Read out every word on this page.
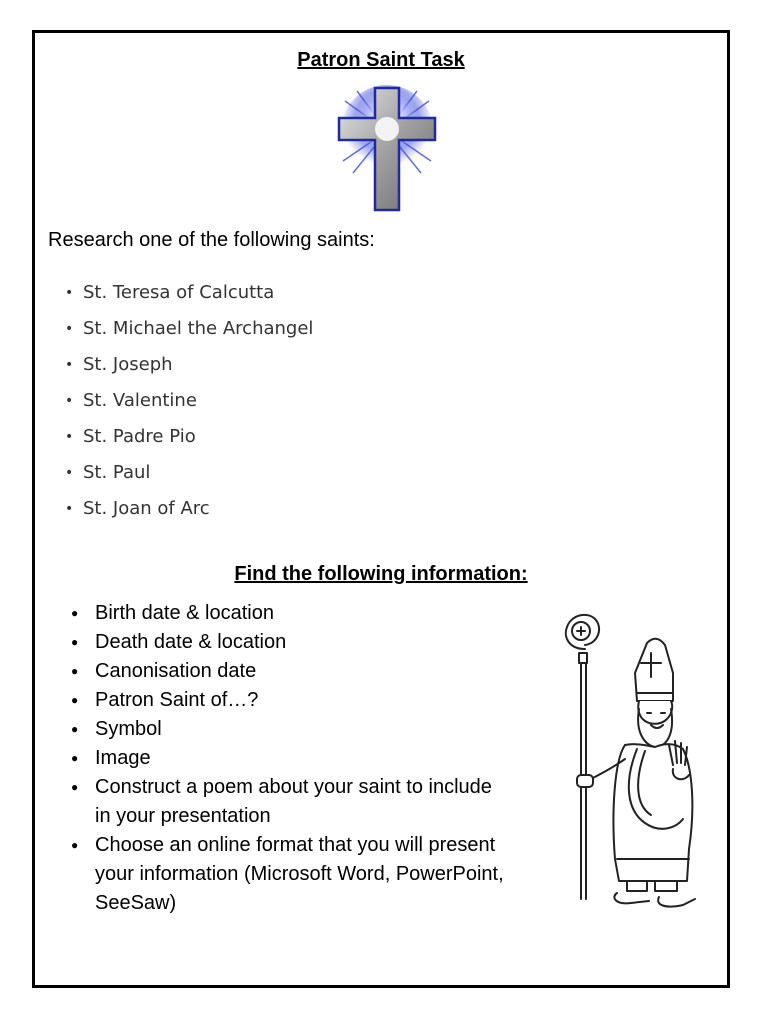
Patron Saint Task
Research one of the following saints:
• St. Teresa of Calcutta
• St. Michael the Archangel
• St. Joseph
• St. Valentine
• St. Padre Pio
• St. Paul
• St. Joan of Arc
Find the following information:
● Birth date & location
● Death date & location
● Canonisation date
● Patron Saint of…?
● Symbol
● Image
● Construct a poem about your saint to include in your presentation
● Choose an online format that you will present your information (Microsoft Word, PowerPoint, SeeSaw)
